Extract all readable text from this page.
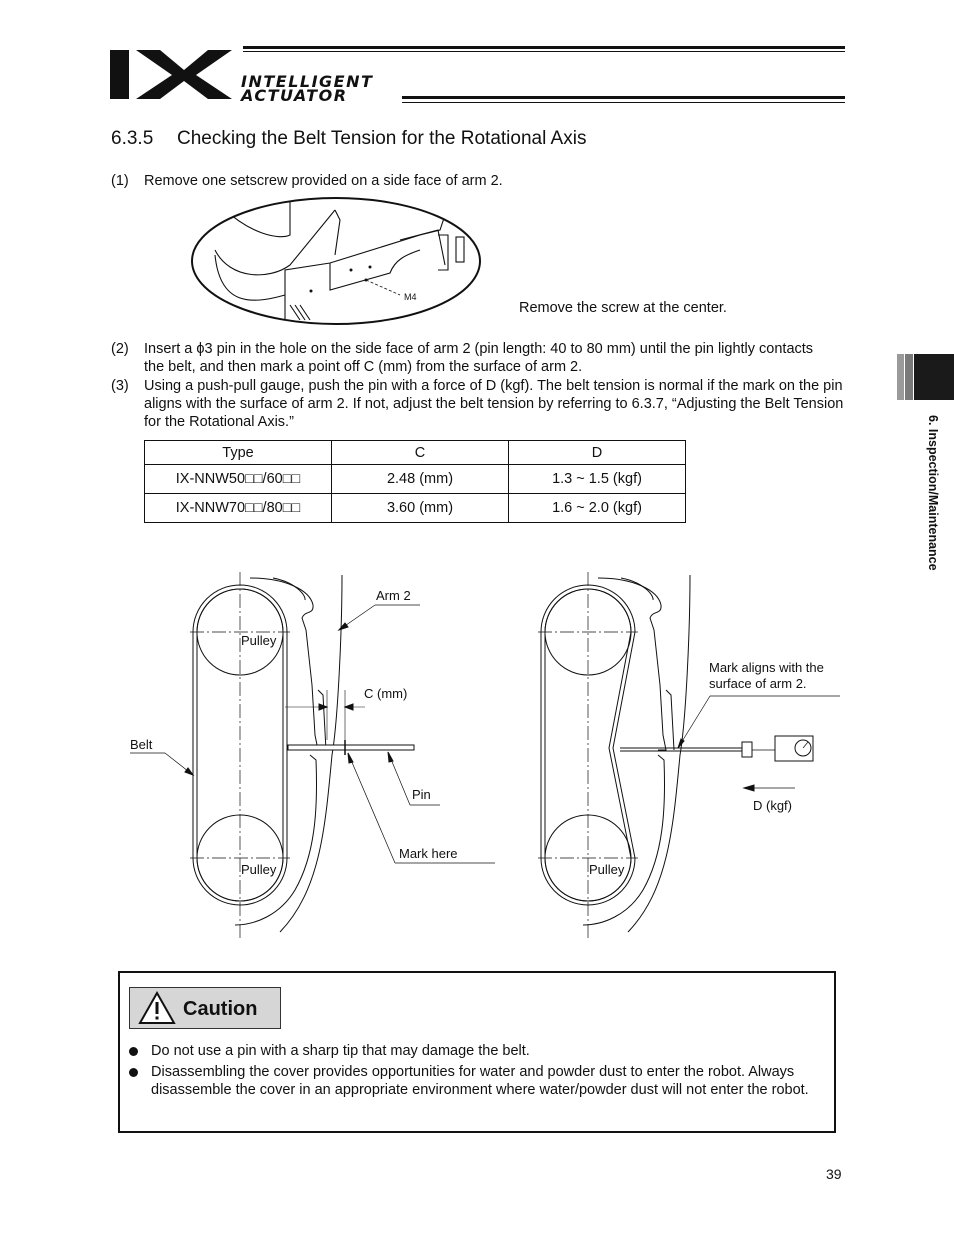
INTELLIGENT
ACTUATOR
6.3.5 Checking the Belt Tension for the Rotational Axis
(1) Remove one setscrew provided on a side face of arm 2.
M4
Remove the screw at the center.
(2) Insert a ϕ3 pin in the hole on the side face of arm 2 (pin length: 40 to 80 mm) until the pin lightly contacts the belt, and then mark a point off C (mm) from the surface of arm 2.
(3) Using a push-pull gauge, push the pin with a force of D (kgf). The belt tension is normal if the mark on the pin aligns with the surface of arm 2. If not, adjust the belt tension by referring to 6.3.7, “Adjusting the Belt Tension for the Rotational Axis.”
Type	C	D
IX-NNW50□□/60□□	2.48 (mm)	1.3 ~ 1.5 (kgf)
IX-NNW70□□/80□□	3.60 (mm)	1.6 ~ 2.0 (kgf)	6. Inspection/Maintenance
Arm 2
Pulley
Pulley
C (mm)
Belt
Pin
Mark here
Pulley
Mark aligns with the
surface of arm 2.
D (kgf)
Caution
Do not use a pin with a sharp tip that may damage the belt.
Disassembling the cover provides opportunities for water and powder dust to enter the robot. Always disassemble the cover in an appropriate environment where water/powder dust will not enter the robot.
39
